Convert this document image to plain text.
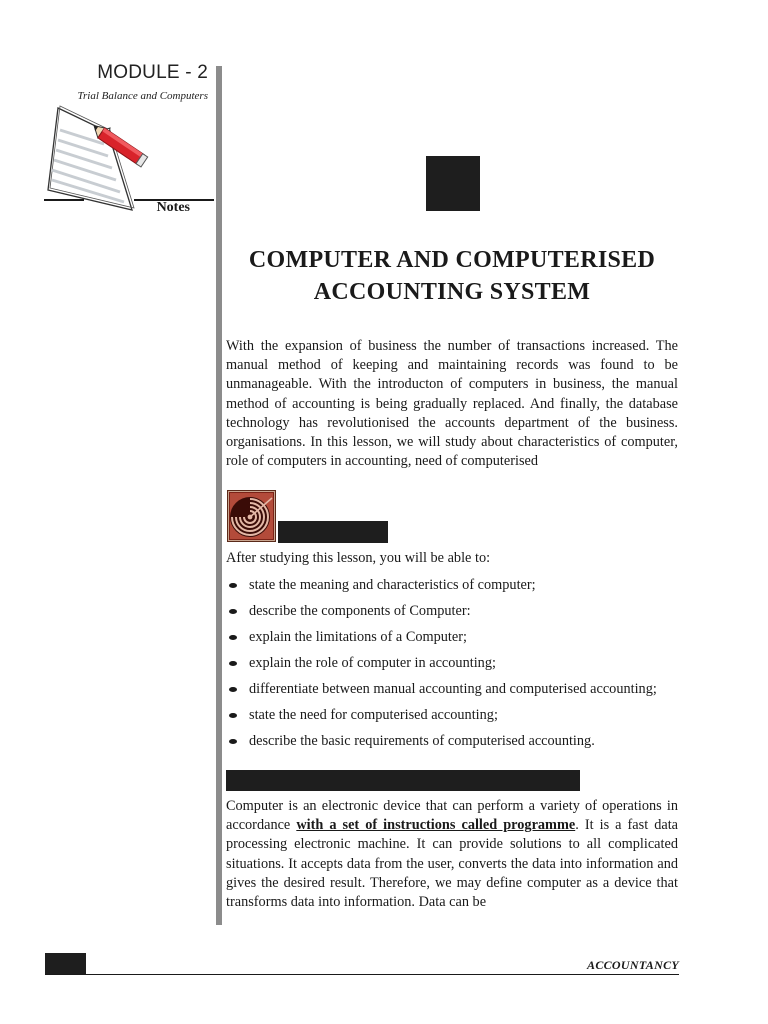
MODULE - 2
Trial Balance and Computers
Notes
COMPUTER AND COMPUTERISED
ACCOUNTING SYSTEM

With the expansion of business the number of transactions increased. The manual method of keeping and maintaining records was found to be unmanageable. With the introducton of computers in business, the manual method of accounting is being gradually replaced. And finally, the database technology has revolutionised the accounts department of the business. organisations. In this lesson, we will study about characteristics of computer, role of computers in accounting, need of computerised

After studying this lesson, you will be able to:
state the meaning and characteristics of computer;
describe the components of Computer:
explain the limitations of a Computer;
explain the role of computer in accounting;
differentiate between manual accounting and computerised accounting;
state the need for computerised accounting;
describe the basic requirements of computerised accounting.

Computer is an electronic device that can perform a variety of operations in accordance with a set of instructions called programme. It is a fast data processing electronic machine. It can provide solutions to all complicated situations. It accepts data from the user, converts the data into information and gives the desired result. Therefore, we may define computer as a device that transforms data into information. Data can be

ACCOUNTANCY
